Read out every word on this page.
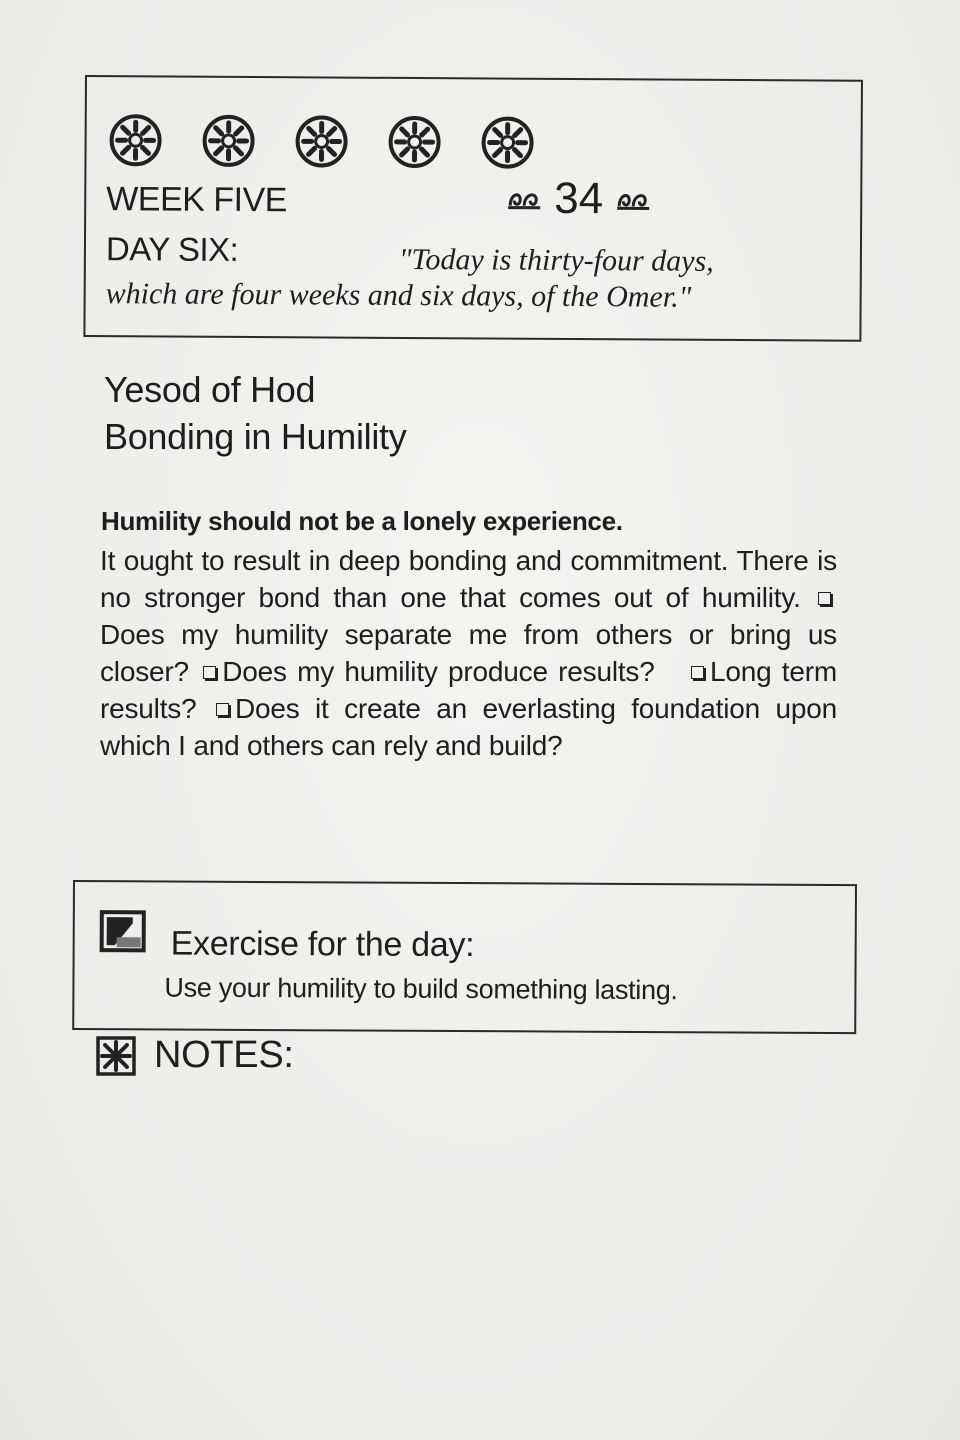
WEEK FIVE	34
DAY SIX:	"Today is thirty-four days,
which are four weeks and six days, of the Omer."
Yesod of Hod
Bonding in Humility
Humility should not be a lonely experience.
It ought to result in deep bonding and commitment. There is no stronger bond than one that comes out of humility. Does my humility separate me from others or bring us closer? Does my humility produce results? Long term results? Does it create an everlasting foundation upon which I and others can rely and build?
Exercise for the day:
Use your humility to build something lasting.
NOTES:
